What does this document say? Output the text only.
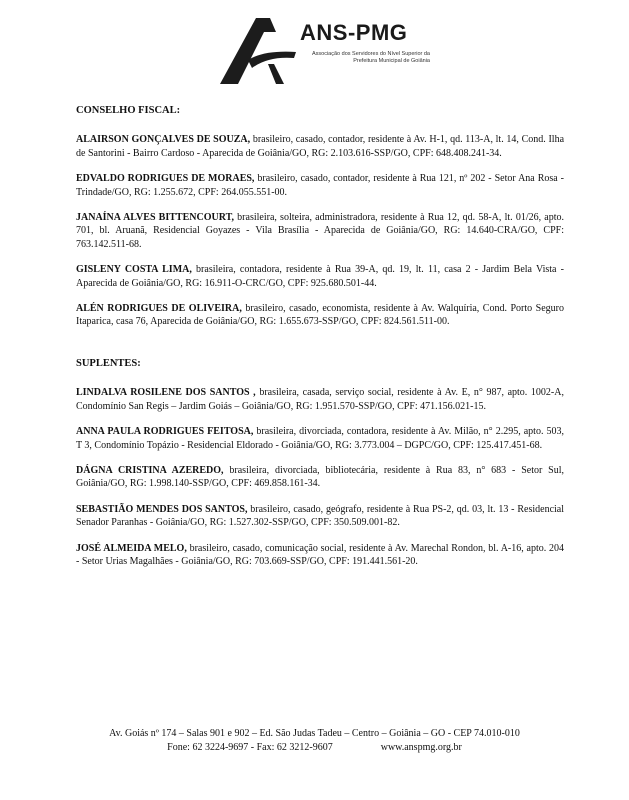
ANS-PMG
Associação dos Servidores do Nível Superior da Prefeitura Municipal de Goiânia
CONSELHO FISCAL:

ALAIRSON GONÇALVES DE SOUZA, brasileiro, casado, contador, residente à Av. H-1, qd. 113-A, lt. 14, Cond. Ilha de Santorini - Bairro Cardoso - Aparecida de Goiânia/GO, RG: 2.103.616-SSP/GO, CPF: 648.408.241-34.

EDVALDO RODRIGUES DE MORAES, brasileiro, casado, contador, residente à Rua 121, nº 202 - Setor Ana Rosa - Trindade/GO, RG: 1.255.672, CPF: 264.055.551-00.

JANAÍNA ALVES BITTENCOURT, brasileira, solteira, administradora, residente à Rua 12, qd. 58-A, lt. 01/26, apto. 701, bl. Aruanã, Residencial Goyazes - Vila Brasília - Aparecida de Goiânia/GO, RG: 14.640-CRA/GO, CPF: 763.142.511-68.

GISLENY COSTA LIMA, brasileira, contadora, residente à Rua 39-A, qd. 19, lt. 11, casa 2 - Jardim Bela Vista - Aparecida de Goiânia/GO, RG: 16.911-O-CRC/GO, CPF: 925.680.501-44.

ALÉN RODRIGUES DE OLIVEIRA, brasileiro, casado, economista, residente à Av. Walquíria, Cond. Porto Seguro Itaparica, casa 76, Aparecida de Goiânia/GO, RG: 1.655.673-SSP/GO, CPF: 824.561.511-00.

SUPLENTES:

LINDALVA ROSILENE DOS SANTOS , brasileira, casada, serviço social, residente à Av. E, n° 987, apto. 1002-A, Condomínio San Regis – Jardim Goiás – Goiânia/GO, RG: 1.951.570-SSP/GO, CPF: 471.156.021-15.

ANNA PAULA RODRIGUES FEITOSA, brasileira, divorciada, contadora, residente à Av. Milão, n° 2.295, apto. 503, T 3, Condomínio Topázio - Residencial Eldorado - Goiânia/GO, RG: 3.773.004 – DGPC/GO, CPF: 125.417.451-68.

DÁGNA CRISTINA AZEREDO, brasileira, divorciada, bibliotecária, residente à Rua 83, n° 683 - Setor Sul, Goiânia/GO, RG: 1.998.140-SSP/GO, CPF: 469.858.161-34.

SEBASTIÃO MENDES DOS SANTOS, brasileiro, casado, geógrafo, residente à Rua PS-2, qd. 03, lt. 13 - Residencial Senador Paranhas - Goiânia/GO, RG: 1.527.302-SSP/GO, CPF: 350.509.001-82.

JOSÉ ALMEIDA MELO, brasileiro, casado, comunicação social, residente à Av. Marechal Rondon, bl. A-16, apto. 204 - Setor Urias Magalhães - Goiânia/GO, RG: 703.669-SSP/GO, CPF: 191.441.561-20.

Av. Goiás nº 174 – Salas 901 e 902 – Ed. São Judas Tadeu – Centro – Goiânia – GO - CEP 74.010-010
Fone: 62 3224-9697 - Fax: 62 3212-9607	www.anspmg.org.br
